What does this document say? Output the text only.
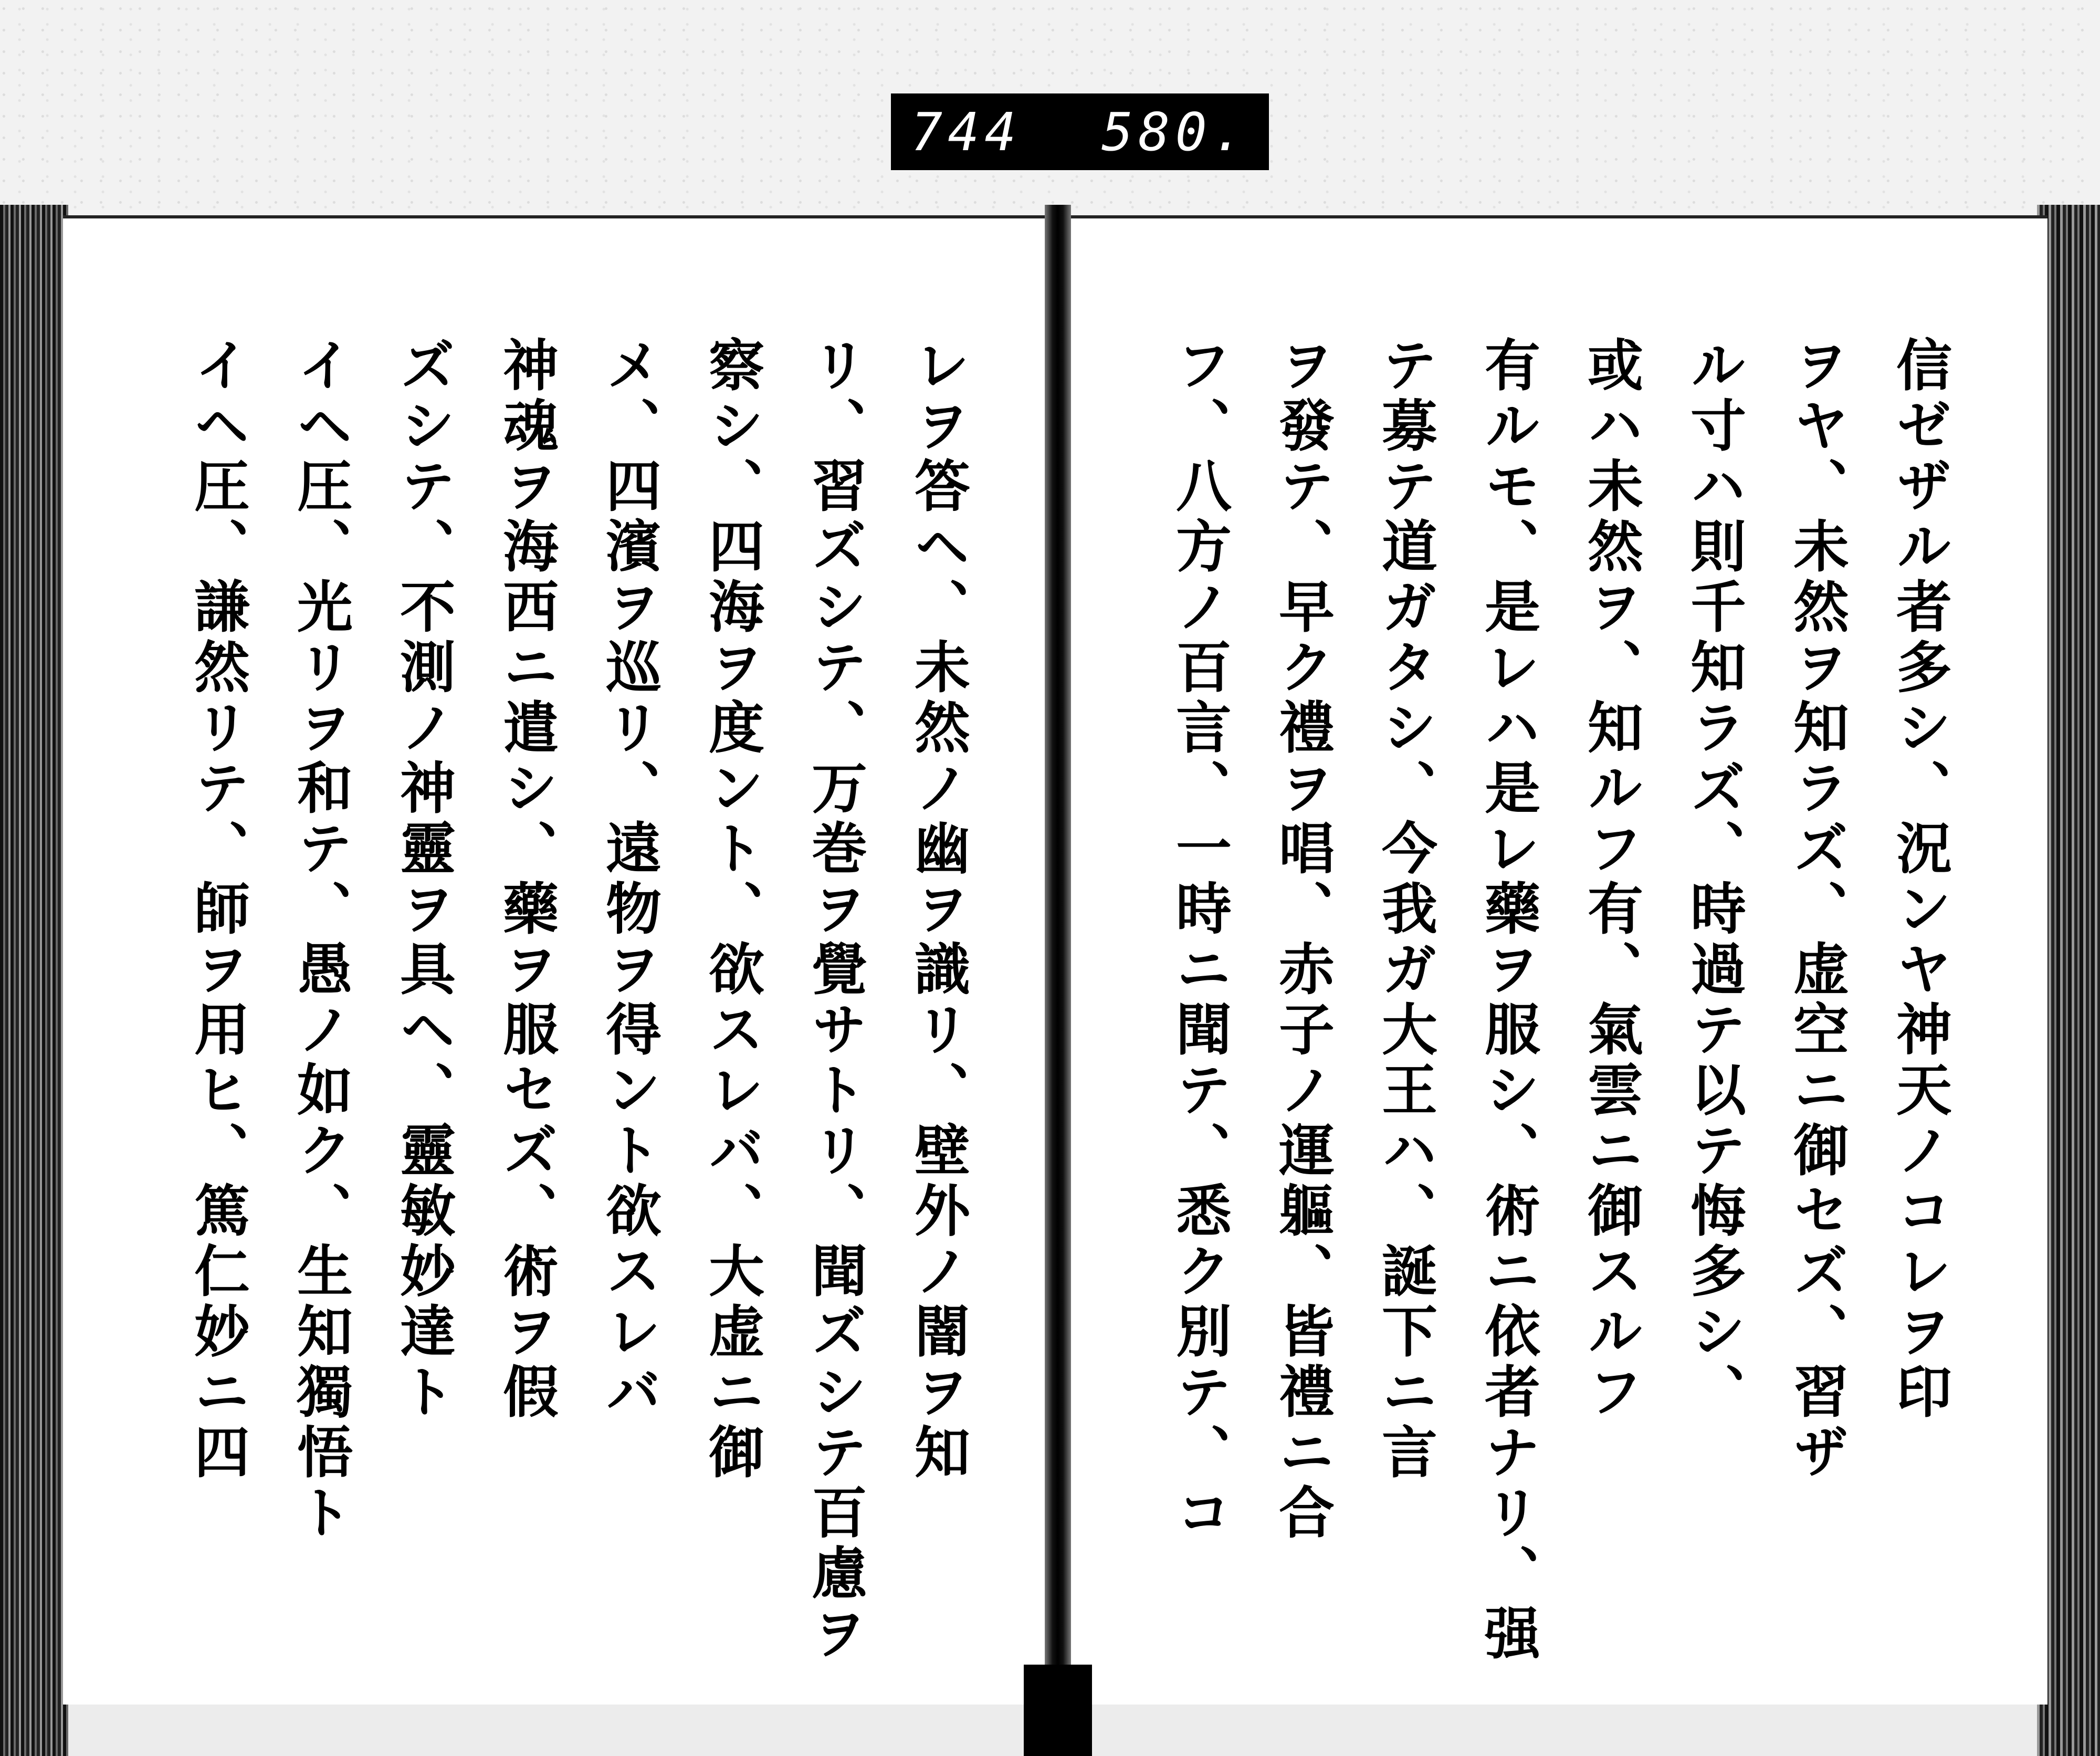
744 580.
信ゼザル者多シ、況ンヤ神天ノコレヲ印
ヲヤ、未然ヲ知ラズ、虚空ニ御セズ、習ザ
ル寸ハ則千知ラズ、時過テ以テ悔多シ、
或ハ未然ヲ、知ルフ有、氣雲ニ御スルフ
有ルモ、是レハ是レ藥ヲ服シ、術ニ依者ナリ、强
テ募テ道ガタシ、今我ガ大王ハ、誕下ニ言
ヲ發テ、早ク禮ヲ唱、赤子ノ運軀、皆禮ニ合
フ、八方ノ百言、一時ニ聞テ、悉ク別テ、コ
レヲ答ヘ、未然ノ幽ヲ識リ、壁外ノ闇ヲ知
リ、習ズシテ、万巻ヲ覺サトリ、聞ズシテ百慮ヲ
察シ、四海ヲ度ント、欲スレバ、大虚ニ御
メ、四濱ヲ巡リ、遠物ヲ得ント欲スレバ
神魂ヲ海西ニ遣シ、藥ヲ服セズ、術ヲ假
ズシテ、不測ノ神靈ヲ具ヘ、靈敏妙達ト
イヘ圧、光リヲ和テ、愚ノ如ク、生知獨悟ト
イヘ圧、謙然リテ、師ヲ用ヒ、篤仁妙ニ四
